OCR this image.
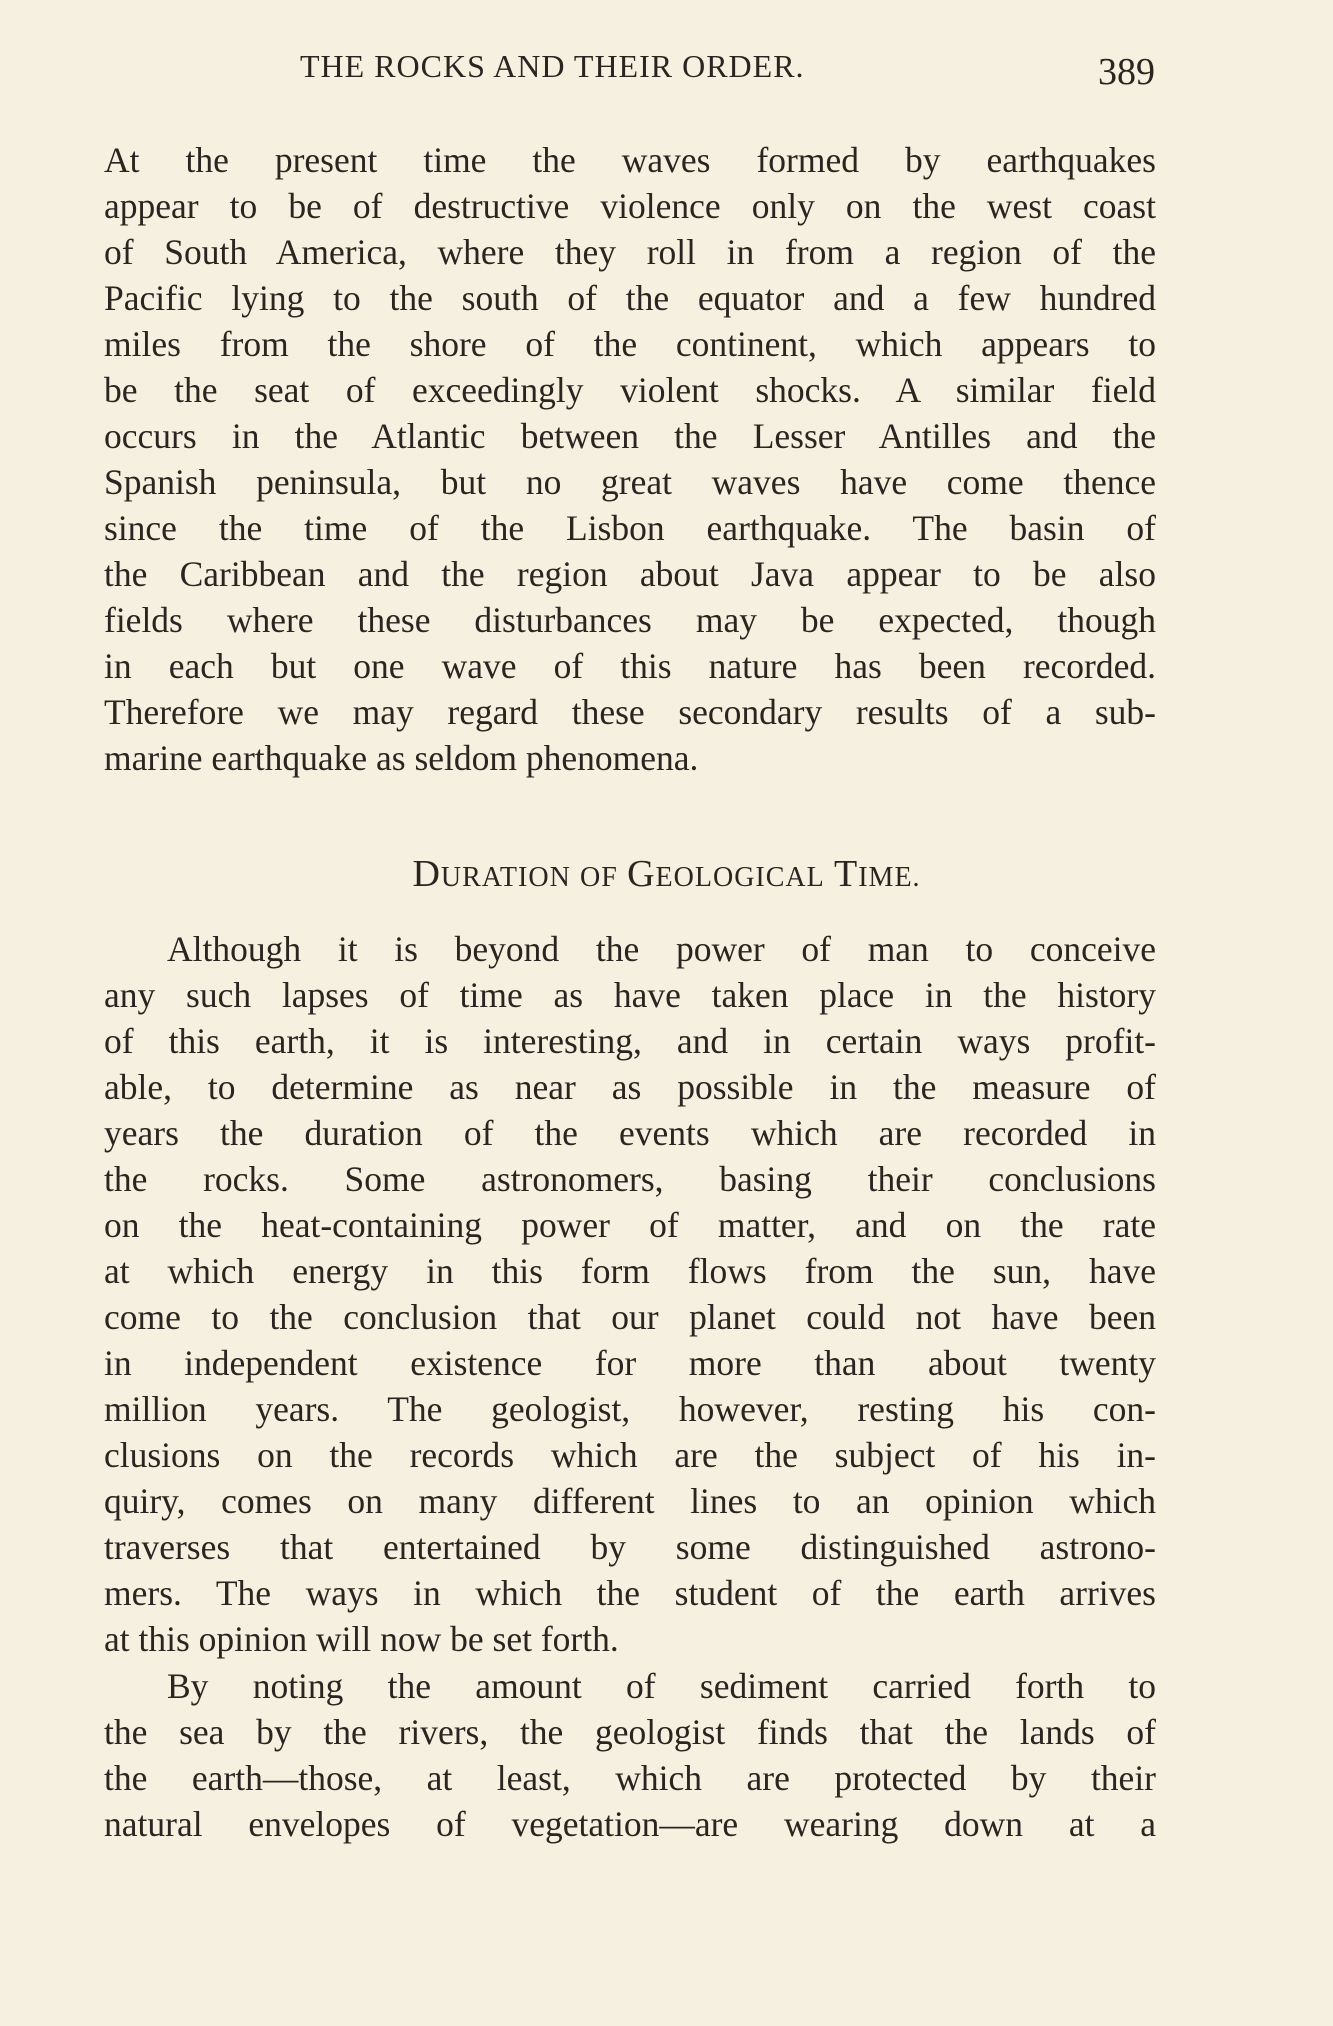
THE ROCKS AND THEIR ORDER.	389
At the present time the waves formed by earthquakes
appear to be of destructive violence only on the west coast
of South America, where they roll in from a region of the
Pacific lying to the south of the equator and a few hundred
miles from the shore of the continent, which appears to
be the seat of exceedingly violent shocks. A similar field
occurs in the Atlantic between the Lesser Antilles and the
Spanish peninsula, but no great waves have come thence
since the time of the Lisbon earthquake. The basin of
the Caribbean and the region about Java appear to be also
fields where these disturbances may be expected, though
in each but one wave of this nature has been recorded.
Therefore we may regard these secondary results of a sub-
marine earthquake as seldom phenomena.
DURATION OF GEOLOGICAL TIME.
Although it is beyond the power of man to conceive
any such lapses of time as have taken place in the history
of this earth, it is interesting, and in certain ways profit-
able, to determine as near as possible in the measure of
years the duration of the events which are recorded in
the rocks. Some astronomers, basing their conclusions
on the heat-containing power of matter, and on the rate
at which energy in this form flows from the sun, have
come to the conclusion that our planet could not have been
in independent existence for more than about twenty
million years. The geologist, however, resting his con-
clusions on the records which are the subject of his in-
quiry, comes on many different lines to an opinion which
traverses that entertained by some distinguished astrono-
mers. The ways in which the student of the earth arrives
at this opinion will now be set forth.
By noting the amount of sediment carried forth to
the sea by the rivers, the geologist finds that the lands of
the earth—those, at least, which are protected by their
natural envelopes of vegetation—are wearing down at a
